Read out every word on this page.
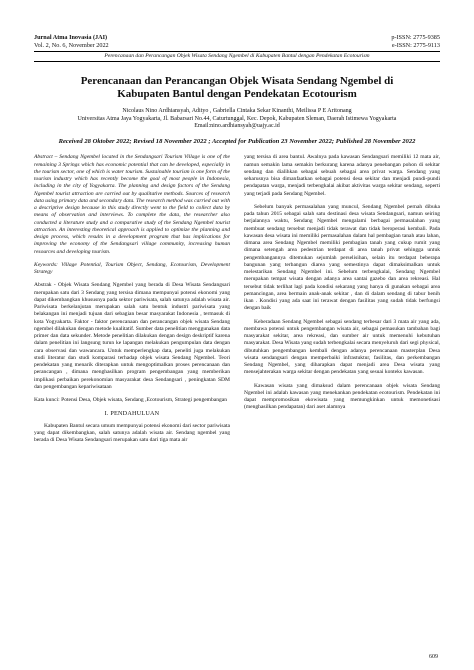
Jurnal Atma Inovasia (JAI)
Vol. 2, No. 6, November 2022
p-ISSN: 2775-9385
e-ISSN: 2775-9113
Perencanaan dan Perancangan Objek Wisata Sendang Ngembel di Kabupaten Bantul dengan Pendekatan Ecotourism
Perencanaan dan Perancangan Objek Wisata Sendang Ngembel di Kabupaten Bantul dengan Pendekatan Ecotourism
Nicolaus Nino Ardhiansyah, Adityo , Gabriella Cintaka Sekar Kinanthi, Meilissa P E Aritonang
Universitas Atma Jaya Yogyakarta, Jl. Babarsari No.44, Caturtunggal, Kec. Depok, Kabupaten Sleman, Daerah Istimewa Yogyakarta
Email:nino.ardhiansyah@uajy.ac.id
Received 28 Oktober 2022; Revised 18 November 2022 ; Accepted for Publication 23 November 2022; Published 28 November 2022

Abstract – Sendang Ngembel located in the Sendangsari Tourism Village is one of the remaining 3 Springs which has economic potential that can be developed, especially in the tourism sector, one of which is water tourism. Sustainable tourism is one form of the tourism industry which has recently become the goal of most people in Indonesia, including in the city of Yogyakarta. The planning and design factors of the Sendang Ngembel tourist attraction are carried out by qualitative methods. Sources of research data using primary data and secondary data. The research method was carried out with a descriptive design because in this study directly went to the field to collect data by means of observation and interviews. To complete the data, the researcher also conducted a literature study and a comparative study of the Sendang Ngembel tourist attraction. An interesting theoretical approach is applied to optimize the planning and design process, which results in a development program that has implications for improving the economy of the Sendangsari village community, increasing human resources and developing tourism.

Keywords: Village Potential, Tourism Object, Sendang, Ecotourism, Development Strategy

Abstrak - Objek Wisata Sendang Ngembel yang berada di Desa Wisata Sendangsari merupakan satu dari 3 Sendang yang tersisa dimana mempunyai potensi ekonomi yang dapat dikembangkan khususnya pada sektor pariwisata, salah satunya adalah wisata air. Pariwisata berkelanjutan merupakan salah satu bentuk industri pariwisata yang belakangan ini menjadi tujuan dari sebagian besar masyarakat Indonesia , termasuk di kota Yogyakarta. Faktor - faktor perencanaan dan perancangan objek wisata Sendang ngembel dilakukan dengan metode kualitatif. Sumber data penelitian menggunakan data primer dan data sekunder. Metode penelitian dilakukan dengan design deskriptif karena dalam penelitian ini langsung turun ke lapangan melakukan pengumpulan data dengan cara observasi dan wawancara. Untuk memperlengkap data, peneliti juga melakukan studi literatur dan studi komparasi terhadap objek wisata Sendang Ngembel. Teori pendekatan yang menarik diterapkan untuk mengoptimalkan proses perencanaan dan perancangan , dimana menghasilkan program pengembangan yang memberikan implikasi perbaikan perekonomian masyarakat desa Sendangsari , peningkatan SDM dan pengembangan kepariwisataan

Kata kunci: Potensi Desa, Objek wisata, Sendang ,Ecotourism, Strategi pengembangan

I. PENDAHULUAN

Kabupaten Bantul secara umum mempunyai potensi ekonomi dari sector pariwisata yang dapat dikembangkan, salah satunya adalah wisata air. Sendang ngembel yang berada di Desa Wisata Sendangsari merupakan satu dari tiga mata air

yang tersisa di area bantul. Awalnya pada kawasan Sendangsari memiliki 12 mata air, namun semakin lama semakin berkurang karena adanya penebangan pohon di sekitar sendang dan dialihkan sebagai sebuah sebagai area privat warga. Sendang yang seharusnya bisa dimanfaatkan sebagai potensi desa sekitar dan menjadi pundi-pundi pendapatan warga, menjadi terbengkalai akibat aktivitas warga sekitar sendang, seperti yang terjadi pada Sendang Ngembel.

Sebelum banyak permasalahan yang muncul, Sendang Ngembel pernah dibuka pada tahun 2015 sebagai salah satu destinasi desa wisata Sendangsari, namun seiring berjalannya waktu, Sendang Ngembel mengalami berbagai permasalahan yang membuat sendang tersebut menjadi tidak terawat dan tidak beroperasi kembali. Pada kawasan desa wisata ini memiliki permasalahan dalam hal pembagian tanah atau lahan, dimana area Sendang Ngembel memiliki pembagian tanah yang cukup rumit yang dimana setengah area pedestrian terdapat di area tanah privat sehingga untuk pengembangannya ditemukan sejumlah perselisihan, selain itu terdapat beberapa bangunan yang terbangun diarea yang semestinya dapat dimaksimalkan untuk melestarikan Sendang Ngembel ini. Sebelum terbengkalai, Sendang Ngembel merupakan tempat wisata dengan adanya area santai gazebo dan area rekreasi. Hal tersebut tidak terlihat lagi pada kondisi sekarang yang hanya di gunakan sebagai area pemancingan, area bermain anak-anak sekitar , dan di dalam sendang di tabur benih ikan . Kondisi yang ada saat ini terawat dengan fasilitas yang sudah tidak berfungsi dengan baik

Keberadaan Sendang Ngembel sebagai sendang terbesar dari 3 mata air yang ada, membawa potensi untuk pengembangan wisata air, sebagai pemasukan tambahan bagi masyarakat sekitar, area rekreasi, dan sumber air untuk memenuhi kebutuhan masyarakat. Desa Wisata yang sudah terbengkalai secara menyeluruh dari segi physical, dibutuhkan pengembangan kembali dengan adanya perencanaan masterplan Desa wisata sendangsari dengan memperbaiki infrastuktur, fasilitas, dan perkembangan Sendang Ngembel, yang diharapkan dapat menjadi area Desa wisata yang mensejahterakan warga sekitar dengan pendekatan yang sesuai konteks kawasan.

Kawasan wisata yang dimaksud dalam perencanaan objek wisata Sendang Ngembel ini adalah kawasan yang menekankan pendekatan ecotourism. Pendekatan ini dapat mempromosikan ekowisata yang memungkinkan untuk memonetisasi (menghasilkan pendapatan) dari aset alamnya

609
